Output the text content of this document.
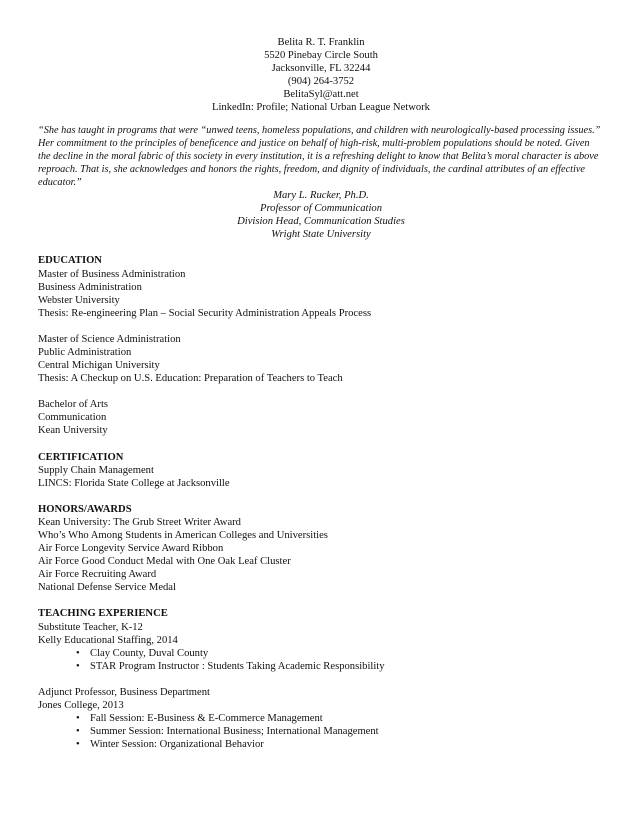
Belita R. T. Franklin
5520 Pinebay Circle South
Jacksonville, FL 32244
(904) 264-3752
BelitaSyl@att.net
LinkedIn: Profile; National Urban League Network
“She has taught in programs that were “unwed teens, homeless populations, and children with neurologically-based processing issues.” Her commitment to the principles of beneficence and justice on behalf of high-risk, multi-problem populations should be noted. Given the decline in the moral fabric of this society in every institution, it is a refreshing delight to know that Belita’s moral character is above reproach. That is, she acknowledges and honors the rights, freedom, and dignity of individuals, the cardinal attributes of an effective educator.”
Mary L. Rucker, Ph.D.
Professor of Communication
Division Head, Communication Studies
Wright State University
EDUCATION
Master of Business Administration
Business Administration
Webster University
Thesis: Re-engineering Plan – Social Security Administration Appeals Process
Master of Science Administration
Public Administration
Central Michigan University
Thesis: A Checkup on U.S. Education: Preparation of Teachers to Teach
Bachelor of Arts
Communication
Kean University
CERTIFICATION
Supply Chain Management
LINCS: Florida State College at Jacksonville
HONORS/AWARDS
Kean University: The Grub Street Writer Award
Who’s Who Among Students in American Colleges and Universities
Air Force Longevity Service Award Ribbon
Air Force Good Conduct Medal with One Oak Leaf Cluster
Air Force Recruiting Award
National Defense Service Medal
TEACHING EXPERIENCE
Substitute Teacher, K-12
Kelly Educational Staffing, 2014
• Clay County, Duval County
• STAR Program Instructor : Students Taking Academic Responsibility
Adjunct Professor, Business Department
Jones College, 2013
• Fall Session: E-Business & E-Commerce Management
• Summer Session: International Business; International Management
• Winter Session: Organizational Behavior
